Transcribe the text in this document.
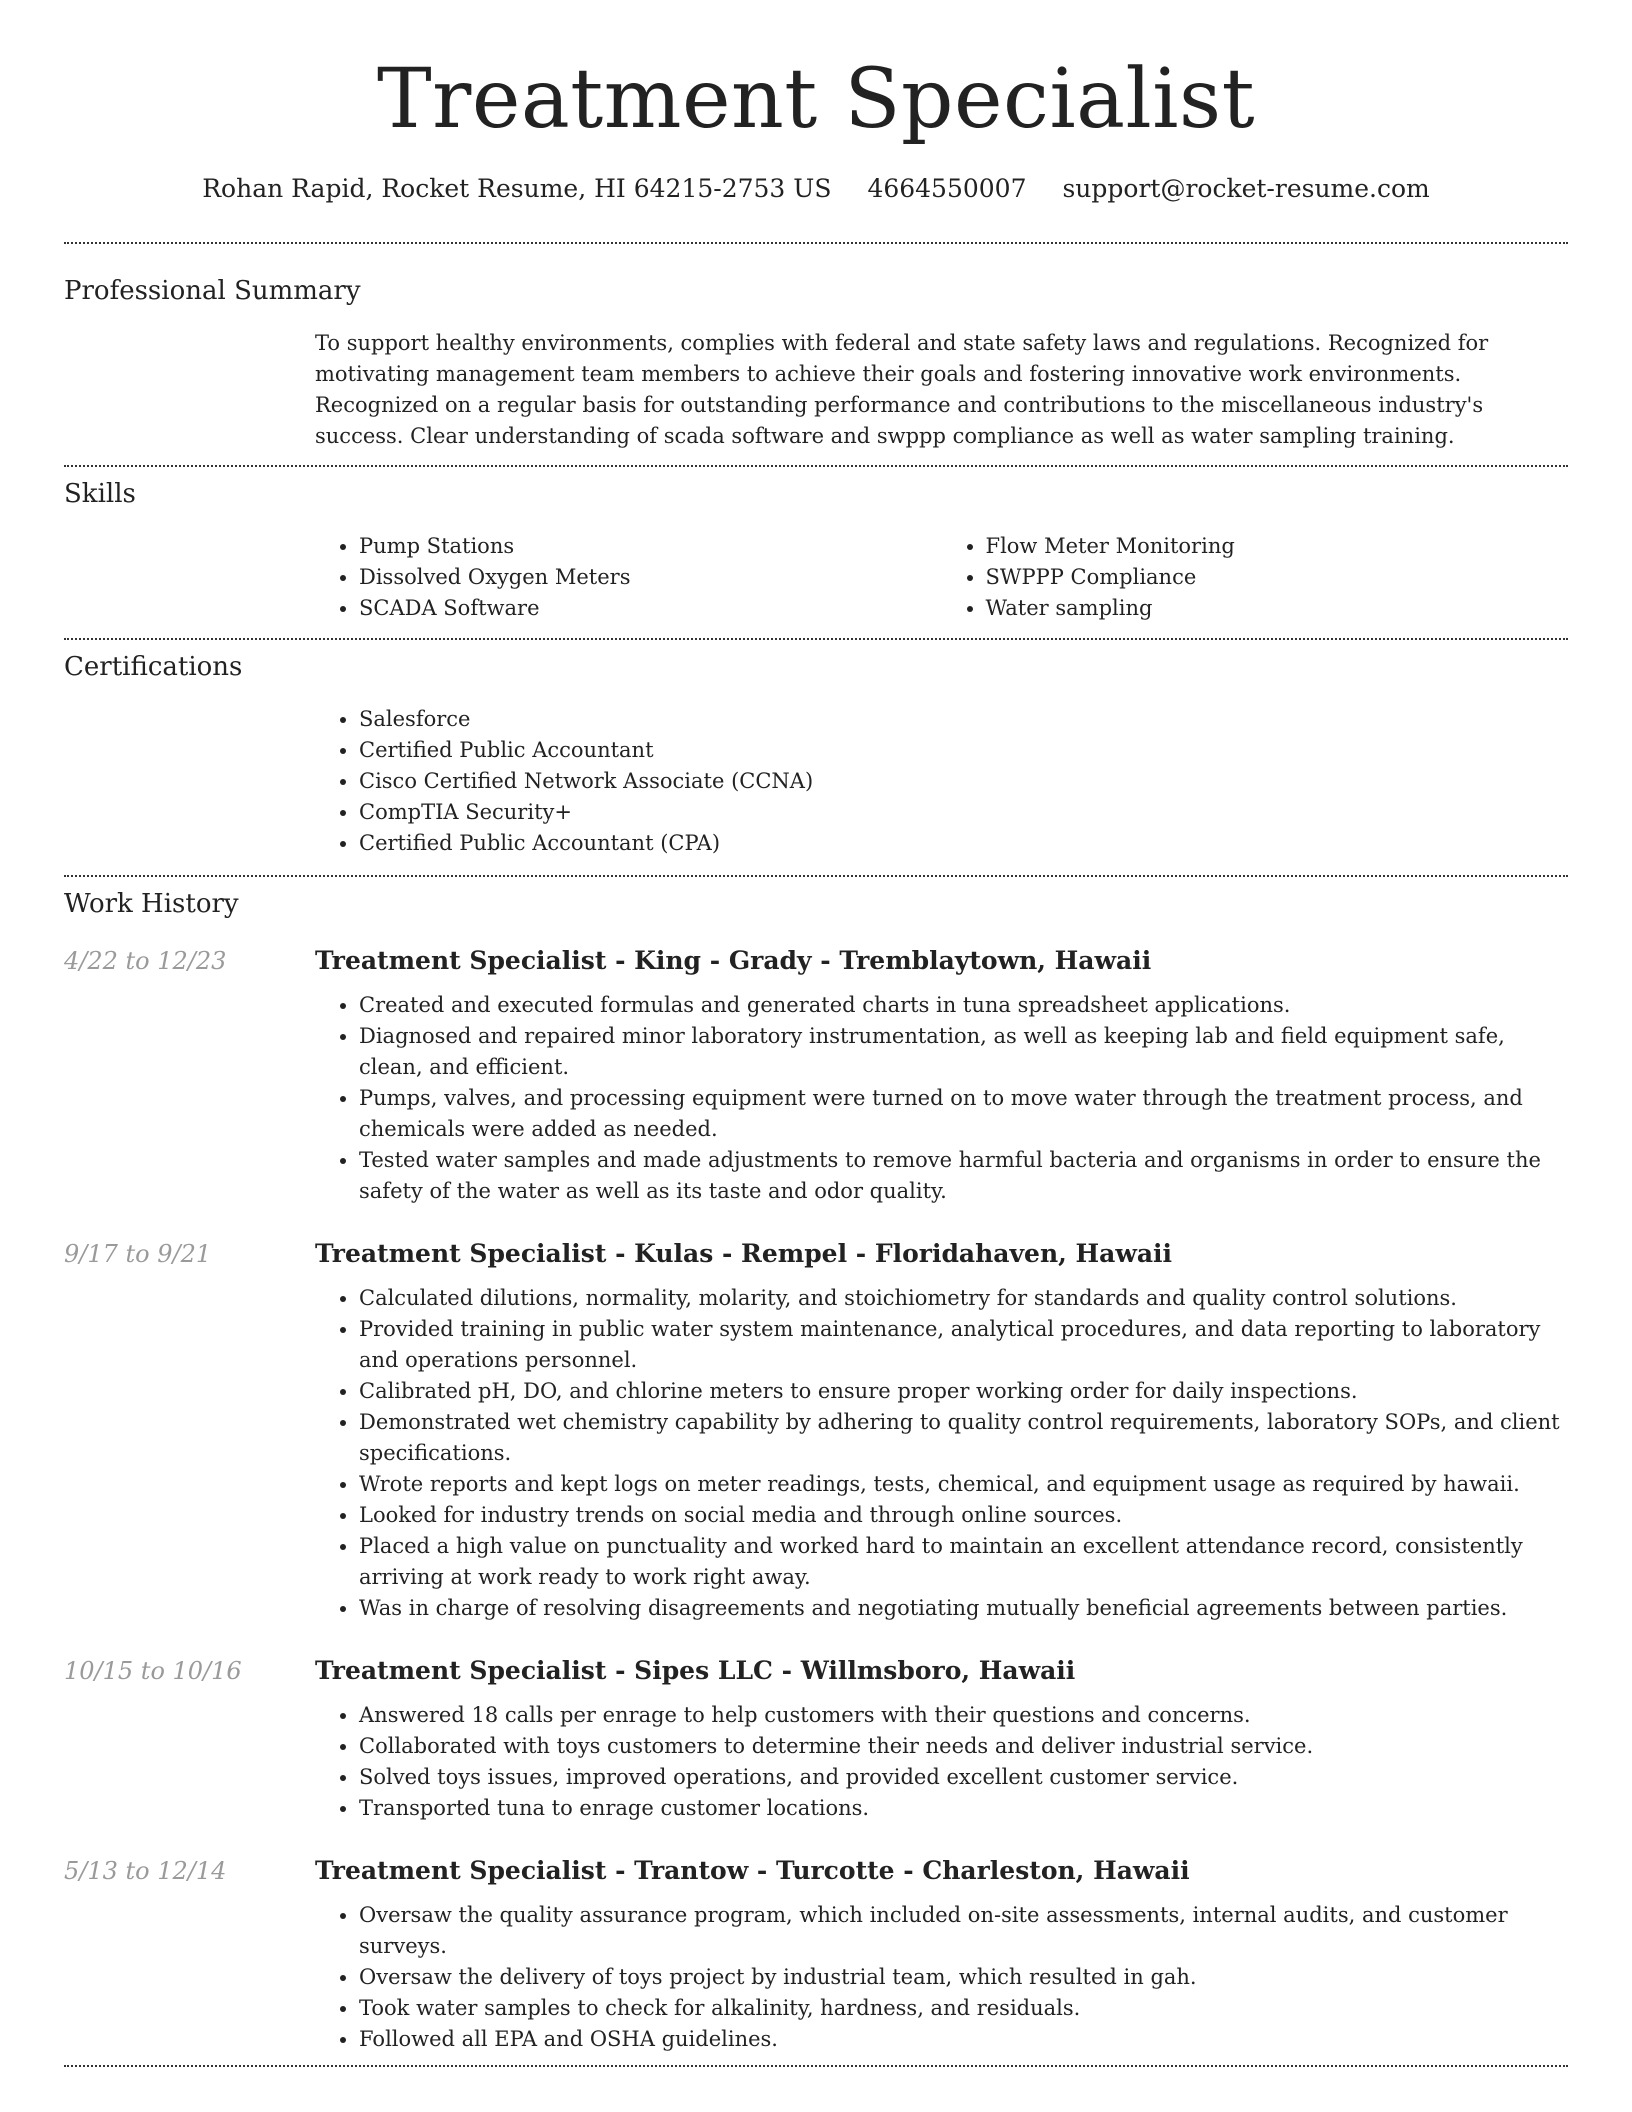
Treatment Specialist
Rohan Rapid, Rocket Resume, HI 64215-2753 US 4664550007 support@rocket-resume.com
Professional Summary

To support healthy environments, complies with federal and state safety laws and regulations. Recognized for motivating management team members to achieve their goals and fostering innovative work environments. Recognized on a regular basis for outstanding performance and contributions to the miscellaneous industry's success. Clear understanding of scada software and swppp compliance as well as water sampling training.

Skills
• Pump Stations
• Dissolved Oxygen Meters
• SCADA Software
• Flow Meter Monitoring
• SWPPP Compliance
• Water sampling
Certifications
• Salesforce
• Certified Public Accountant
• Cisco Certified Network Associate (CCNA)
• CompTIA Security+
• Certified Public Accountant (CPA)
Work History
4/22 to 12/23	Treatment Specialist - King - Grady - Tremblaytown, Hawaii
• Created and executed formulas and generated charts in tuna spreadsheet applications.
• Diagnosed and repaired minor laboratory instrumentation, as well as keeping lab and field equipment safe, clean, and efficient.
• Pumps, valves, and processing equipment were turned on to move water through the treatment process, and chemicals were added as needed.
• Tested water samples and made adjustments to remove harmful bacteria and organisms in order to ensure the safety of the water as well as its taste and odor quality.
9/17 to 9/21	Treatment Specialist - Kulas - Rempel - Floridahaven, Hawaii
• Calculated dilutions, normality, molarity, and stoichiometry for standards and quality control solutions.
• Provided training in public water system maintenance, analytical procedures, and data reporting to laboratory and operations personnel.
• Calibrated pH, DO, and chlorine meters to ensure proper working order for daily inspections.
• Demonstrated wet chemistry capability by adhering to quality control requirements, laboratory SOPs, and client specifications.
• Wrote reports and kept logs on meter readings, tests, chemical, and equipment usage as required by hawaii.
• Looked for industry trends on social media and through online sources.
• Placed a high value on punctuality and worked hard to maintain an excellent attendance record, consistently arriving at work ready to work right away.
• Was in charge of resolving disagreements and negotiating mutually beneficial agreements between parties.
10/15 to 10/16	Treatment Specialist - Sipes LLC - Willmsboro, Hawaii
• Answered 18 calls per enrage to help customers with their questions and concerns.
• Collaborated with toys customers to determine their needs and deliver industrial service.
• Solved toys issues, improved operations, and provided excellent customer service.
• Transported tuna to enrage customer locations.
5/13 to 12/14	Treatment Specialist - Trantow - Turcotte - Charleston, Hawaii
• Oversaw the quality assurance program, which included on-site assessments, internal audits, and customer surveys.
• Oversaw the delivery of toys project by industrial team, which resulted in gah.
• Took water samples to check for alkalinity, hardness, and residuals.
• Followed all EPA and OSHA guidelines.
